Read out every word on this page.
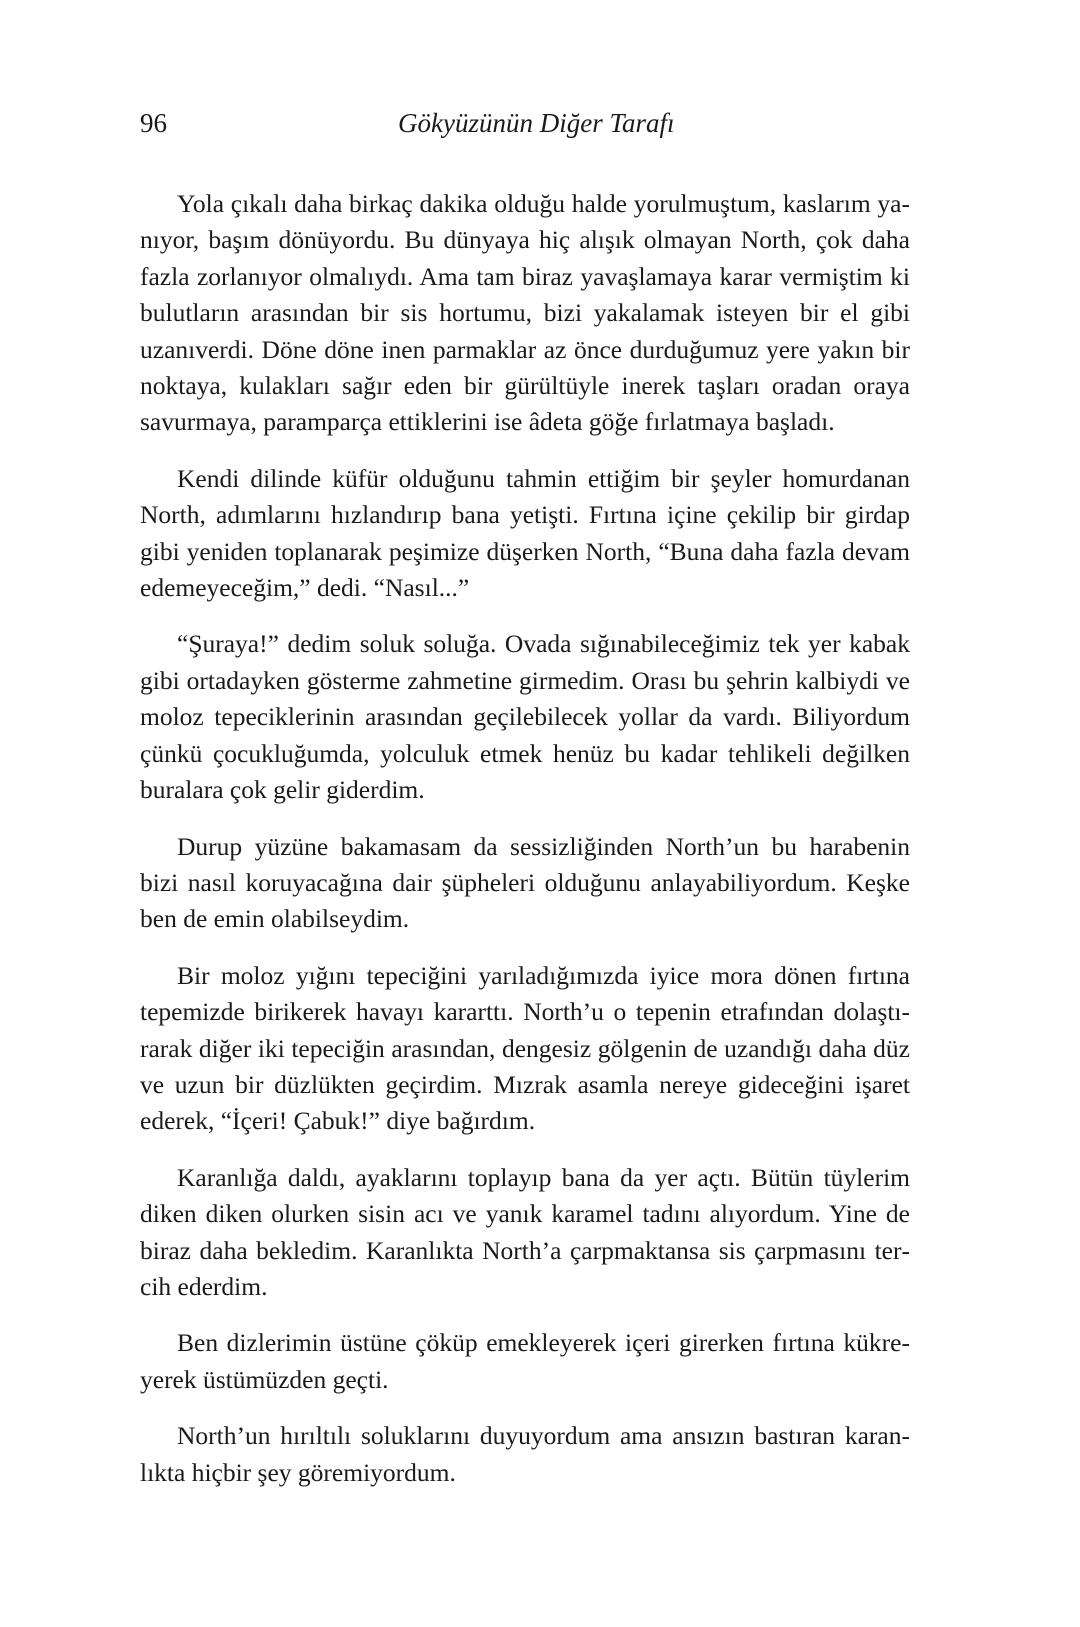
96	Gökyüzünün Diğer Tarafı

Yola çıkalı daha birkaç dakika olduğu halde yorulmuştum, kaslarım yanıyor, başım dönüyordu. Bu dünyaya hiç alışık olmayan North, çok daha fazla zorlanıyor olmalıydı. Ama tam biraz yavaşlamaya karar vermiştim ki bulutların arasından bir sis hortumu, bizi yakalamak isteyen bir el gibi uzanıverdi. Döne döne inen parmaklar az önce durduğumuz yere yakın bir noktaya, kulakları sağır eden bir gürültüyle inerek taşları oradan oraya savurmaya, paramparça ettiklerini ise âdeta göğe fırlatmaya başladı.

Kendi dilinde küfür olduğunu tahmin ettiğim bir şeyler homurdanan North, adımlarını hızlandırıp bana yetişti. Fırtına içine çekilip bir girdap gibi yeniden toplanarak peşimize düşerken North, “Buna daha fazla devam edemeyeceğim,” dedi. “Nasıl...”

“Şuraya!” dedim soluk soluğa. Ovada sığınabileceğimiz tek yer kabak gibi ortadayken gösterme zahmetine girmedim. Orası bu şehrin kalbiydi ve moloz tepeciklerinin arasından geçilebilecek yollar da vardı. Biliyordum çünkü çocukluğumda, yolculuk etmek henüz bu kadar tehlikeli değilken buralara çok gelir giderdim.

Durup yüzüne bakamasam da sessizliğinden North’un bu harabenin bizi nasıl koruyacağına dair şüpheleri olduğunu anlayabiliyordum. Keşke ben de emin olabilseydim.

Bir moloz yığını tepeciğini yarıladığımızda iyice mora dönen fırtına tepemizde birikerek havayı kararttı. North’u o tepenin etrafından dolaştırarak diğer iki tepeciğin arasından, dengesiz gölgenin de uzandığı daha düz ve uzun bir düzlükten geçirdim. Mızrak asamla nereye gideceğini işaret ederek, “İçeri! Çabuk!” diye bağırdım.

Karanlığa daldı, ayaklarını toplayıp bana da yer açtı. Bütün tüylerim diken diken olurken sisin acı ve yanık karamel tadını alıyordum. Yine de biraz daha bekledim. Karanlıkta North’a çarpmaktansa sis çarpmasını tercih ederdim.

Ben dizlerimin üstüne çöküp emekleyerek içeri girerken fırtına kükreyerek üstümüzden geçti.

North’un hırıltılı soluklarını duyuyordum ama ansızın bastıran karanlıkta hiçbir şey göremiyordum.
